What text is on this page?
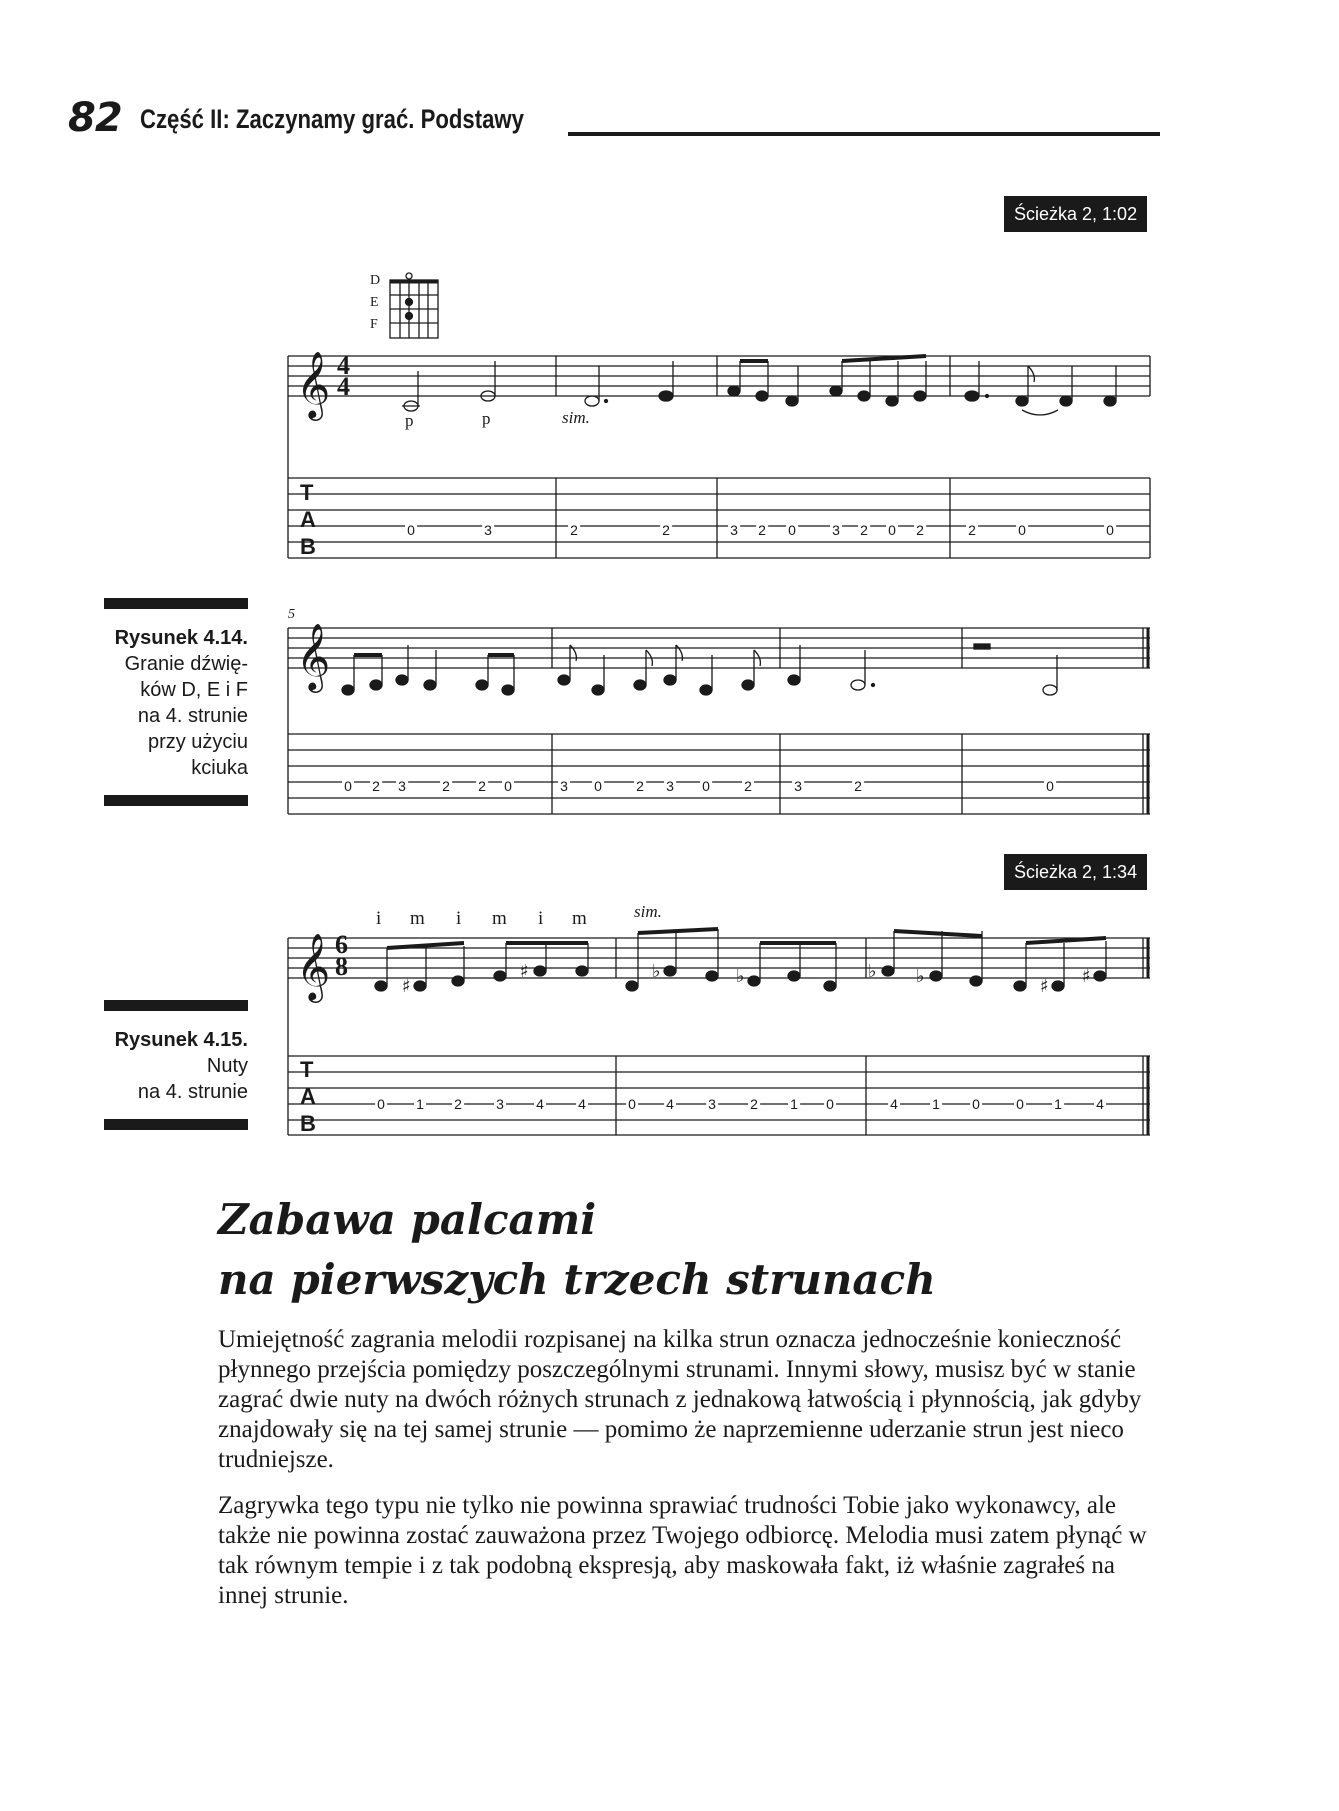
82 Część II: Zaczynamy grać. Podstawy
Ścieżka 2, 1:02
Ścieżka 2, 1:34
Rysunek 4.14.
Granie dźwię-
ków D, E i F
na 4. strunie
przy użyciu
kciuka
Rysunek 4.15.
Nuty
na 4. strunie
♯
♯	♭	♭	♭ ♭	♯ ♯
𝄞
𝄞
𝄞
D
E
F
4
4
6
8
p	p	sim.
5
i m i m i m	sim.
T
A
B
T
A
B
0	3	2	2	3 2 0	3 2 0 2	2	0	0
0 2 3	2 2 0	3 0 2 3 0 2	3	2	0
0 1 2 3 4 4	0 4 3 2 1 0	4 1 0	0 1 4
Zabawa palcami
na pierwszych trzech strunach
Umiejętność zagrania melodii rozpisanej na kilka strun oznacza jednocześnie konieczność płynnego przejścia pomiędzy poszczególnymi strunami. Innymi słowy, musisz być w stanie zagrać dwie nuty na dwóch różnych strunach z jednakową łatwością i płynnością, jak gdyby znajdowały się na tej samej strunie — pomimo że naprzemienne uderzanie strun jest nieco trudniejsze.
Zagrywka tego typu nie tylko nie powinna sprawiać trudności Tobie jako wykonawcy, ale także nie powinna zostać zauważona przez Twojego odbiorcę. Melodia musi zatem płynąć w tak równym tempie i z tak podobną ekspresją, aby maskowała fakt, iż właśnie zagrałeś na innej strunie.
